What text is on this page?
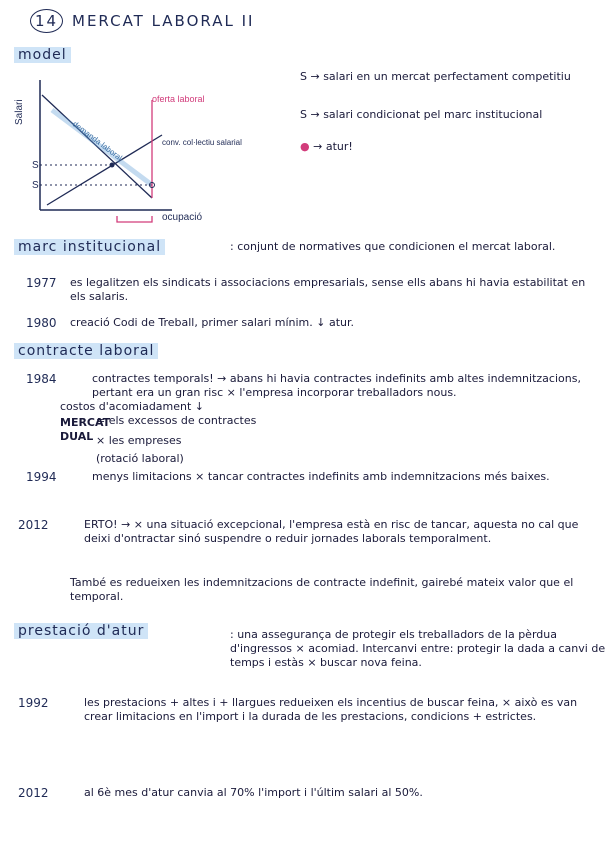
14 MERCAT LABORAL II
model
Salari
S
S
ocupació
oferta laboral
demanda laboral	conv. col·lectiu salarial
S → salari en un mercat perfectament competitiu
S → salari condicionat pel marc institucional
● → atur!
marc institucional	: conjunt de normatives que condicionen el mercat laboral.
1977 es legalitzen els sindicats i associacions empresarials, sense ells abans hi havia estabilitat en els salaris.
1980 creació Codi de Treball, primer salari mínim. ↓ atur.
contracte laboral
1984	contractes temporals! → abans hi havia contractes indefinits amb altes indemnitzacions, pertant era un gran risc × l'empresa incorporar treballadors nous.
costos d'acomiadament ↓
MERCAT DUAL
= els excessos de contractes
× les empreses
(rotació laboral)
1994	menys limitacions × tancar contractes indefinits amb indemnitzacions més baixes.
2012	ERTO! → × una situació excepcional, l'empresa està en risc de tancar, aquesta no cal que deixi d'ontractar sinó suspendre o reduir jornades laborals temporalment.
També es redueixen les indemnitzacions de contracte indefinit, gairebé mateix valor que el temporal.
prestació d'atur	: una assegurança de protegir els treballadors de la pèrdua d'ingressos × acomiad. Intercanvi entre: protegir la dada a canvi de temps i estàs × buscar nova feina.
1992	les prestacions + altes i + llargues redueixen els incentius de buscar feina, × això es van crear limitacions en l'import i la durada de les prestacions, condicions + estrictes.
2012	al 6è mes d'atur canvia al 70% l'import i l'últim salari al 50%.
